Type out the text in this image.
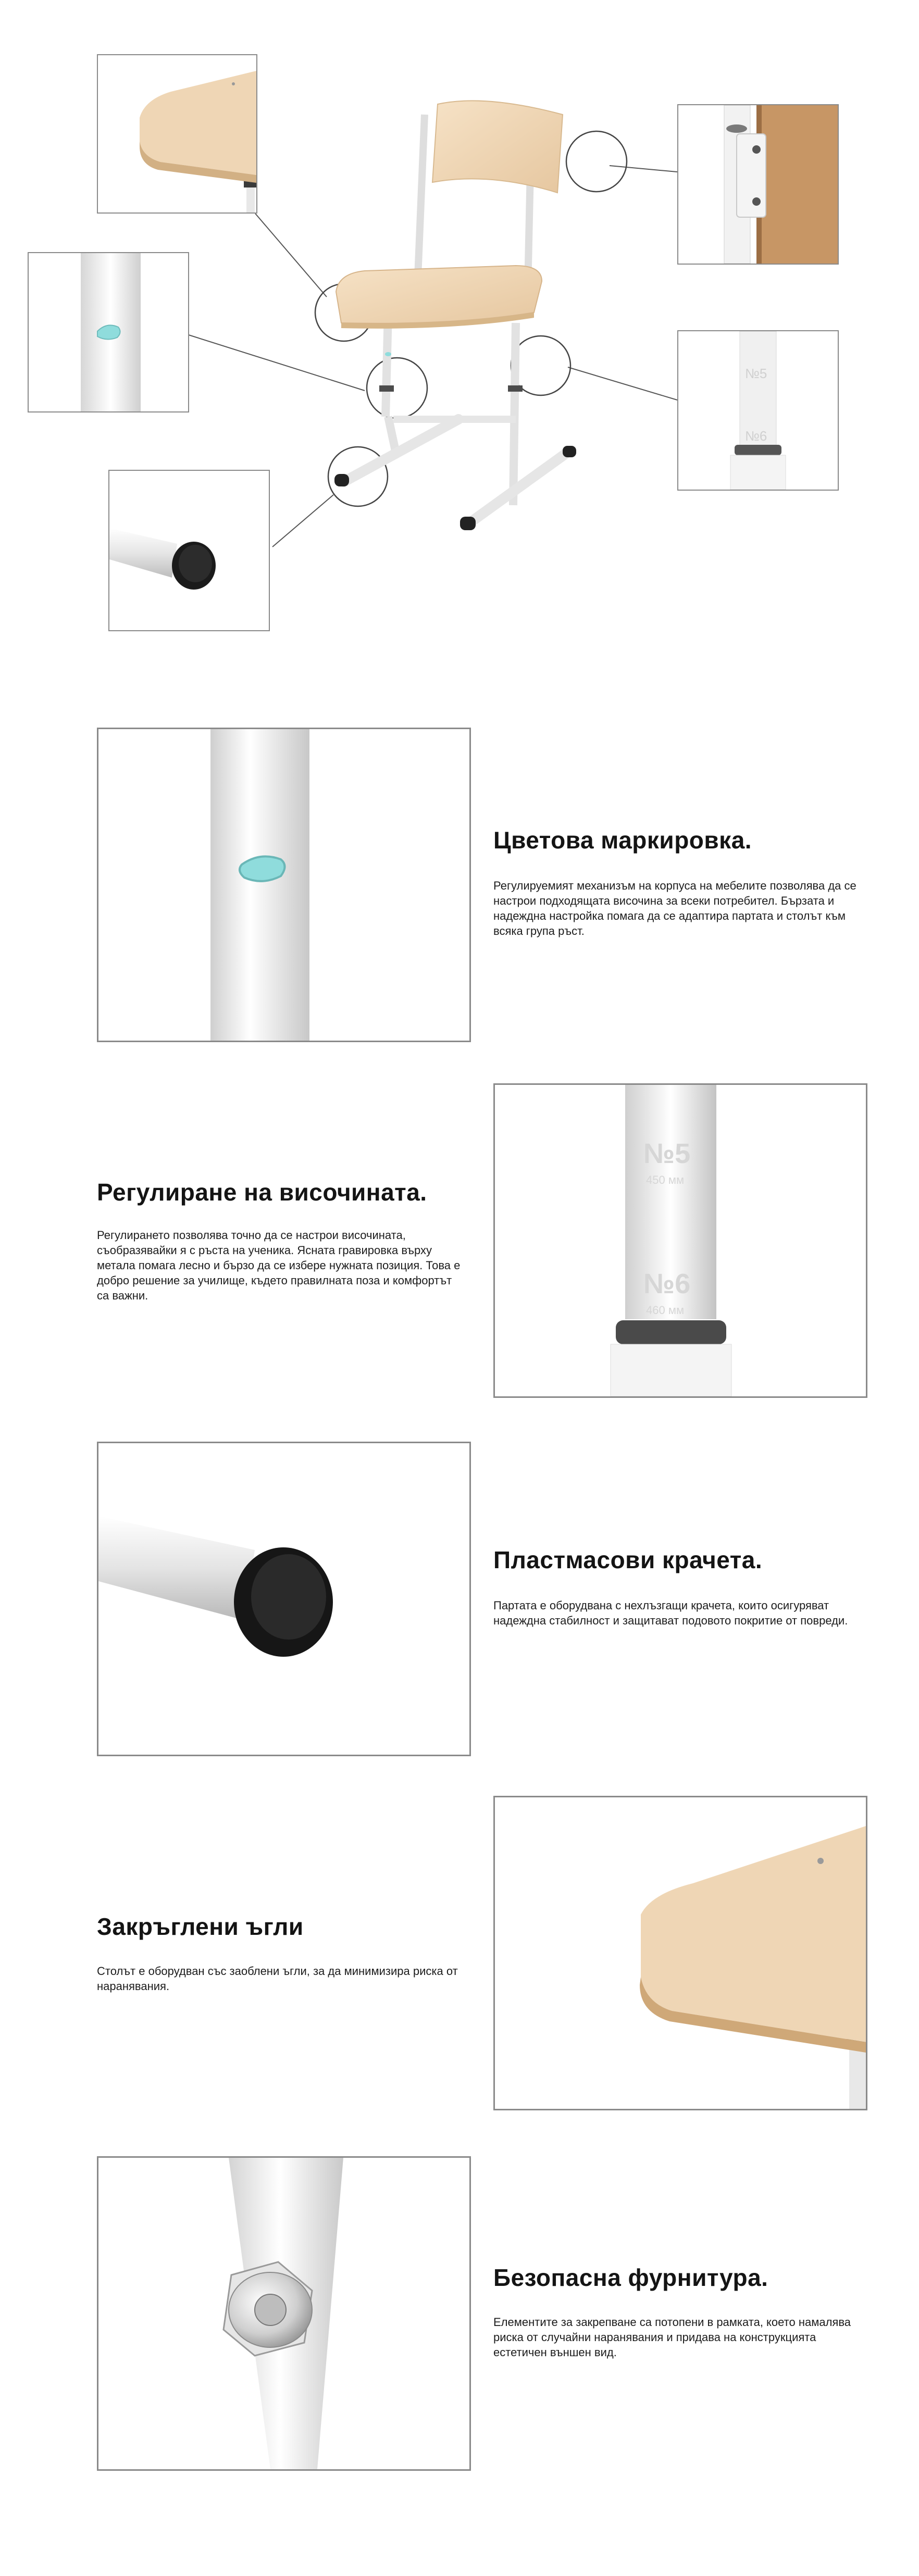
№5
№6
Цветова маркировка.
Регулируемият механизъм на корпуса на мебелите позволява да се настрои подходящата височина за всеки потребител. Бързата и надеждна настройка помага да се адаптира партата и столът към всяка група ръст.
№5
450 мм
№6
460 мм
Регулиране на височината.
Регулирането позволява точно да се настрои височината, съобразявайки я с ръста на ученика. Ясната гравировка върху метала помага лесно и бързо да се избере нужната позиция. Това е добро решение за училище, където правилната поза и комфортът са важни.
Пластмасови крачета.
Партата е оборудвана с нехлъзгащи крачета, които осигуряват надеждна стабилност и защитават подовото покритие от повреди.
Закръглени ъгли
Столът е оборудван със заоблени ъгли, за да минимизира риска от наранявания.
Безопасна фурнитура.
Елементите за закрепване са потопени в рамката, което намалява риска от случайни наранявания и придава на конструкцията естетичен външен вид.
